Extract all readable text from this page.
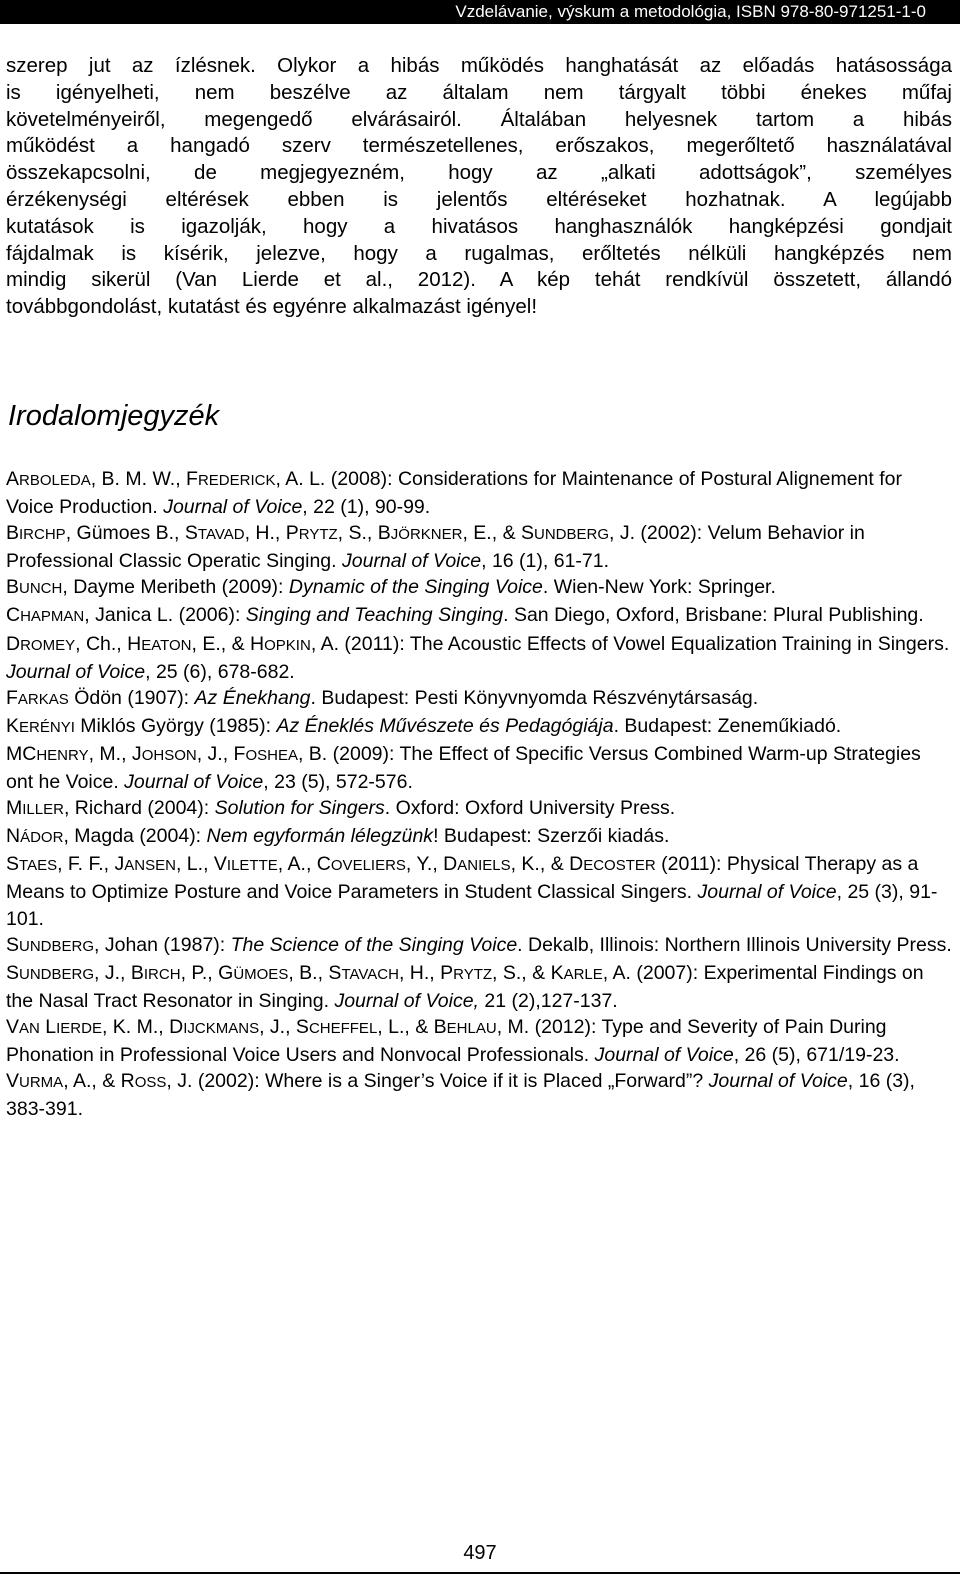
Vzdelávanie, výskum a metodológia, ISBN 978-80-971251-1-0
szerep jut az ízlésnek. Olykor a hibás működés hanghatását az előadás hatásossága
is igényelheti, nem beszélve az általam nem tárgyalt többi énekes műfaj
követelményeiről, megengedő elvárásairól. Általában helyesnek tartom a hibás
működést a hangadó szerv természetellenes, erőszakos, megerőltető használatával
összekapcsolni, de megjegyezném, hogy az „alkati adottságok”, személyes
érzékenységi eltérések ebben is jelentős eltéréseket hozhatnak. A legújabb
kutatások is igazolják, hogy a hivatásos hanghasználók hangképzési gondjait
fájdalmak is kísérik, jelezve, hogy a rugalmas, erőltetés nélküli hangképzés nem
mindig sikerül (Van Lierde et al., 2012). A kép tehát rendkívül összetett, állandó
továbbgondolást, kutatást és egyénre alkalmazást igényel!
Irodalomjegyzék

ARBOLEDA, B. M. W., FREDERICK, A. L. (2008): Considerations for Maintenance of Postural Alignement for Voice Production. Journal of Voice, 22 (1), 90-99.

BIRCHP, Gümoes B., STAVAD, H., PRYTZ, S., BJÖRKNER, E., & SUNDBERG, J. (2002): Velum Behavior in Professional Classic Operatic Singing. Journal of Voice, 16 (1), 61-71.

BUNCH, Dayme Meribeth (2009): Dynamic of the Singing Voice. Wien-New York: Springer.

CHAPMAN, Janica L. (2006): Singing and Teaching Singing. San Diego, Oxford, Brisbane: Plural Publishing.

DROMEY, Ch., HEATON, E., & HOPKIN, A. (2011): The Acoustic Effects of Vowel Equalization Training in Singers. Journal of Voice, 25 (6), 678-682.

FARKAS Ödön (1907): Az Énekhang. Budapest: Pesti Könyvnyomda Részvénytársaság.

KERÉNYI Miklós György (1985): Az Éneklés Művészete és Pedagógiája. Budapest: Zeneműkiadó.

MCHENRY, M., JOHSON, J., FOSHEA, B. (2009): The Effect of Specific Versus Combined Warm-up Strategies ont he Voice. Journal of Voice, 23 (5), 572-576.

MILLER, Richard (2004): Solution for Singers. Oxford: Oxford University Press.

NÁDOR, Magda (2004): Nem egyformán lélegzünk! Budapest: Szerzői kiadás.

STAES, F. F., JANSEN, L., VILETTE, A., COVELIERS, Y., DANIELS, K., & DECOSTER (2011): Physical Therapy as a Means to Optimize Posture and Voice Parameters in Student Classical Singers. Journal of Voice, 25 (3), 91-101.

SUNDBERG, Johan (1987): The Science of the Singing Voice. Dekalb, Illinois: Northern Illinois University Press.

SUNDBERG, J., BIRCH, P., GÜMOES, B., STAVACH, H., PRYTZ, S., & KARLE, A. (2007): Experimental Findings on the Nasal Tract Resonator in Singing. Journal of Voice, 21 (2),127-137.

VAN LIERDE, K. M., DIJCKMANS, J., SCHEFFEL, L., & BEHLAU, M. (2012): Type and Severity of Pain During Phonation in Professional Voice Users and Nonvocal Professionals. Journal of Voice, 26 (5), 671/19-23.

VURMA, A., & ROSS, J. (2002): Where is a Singer’s Voice if it is Placed „Forward”? Journal of Voice, 16 (3), 383-391.

497
